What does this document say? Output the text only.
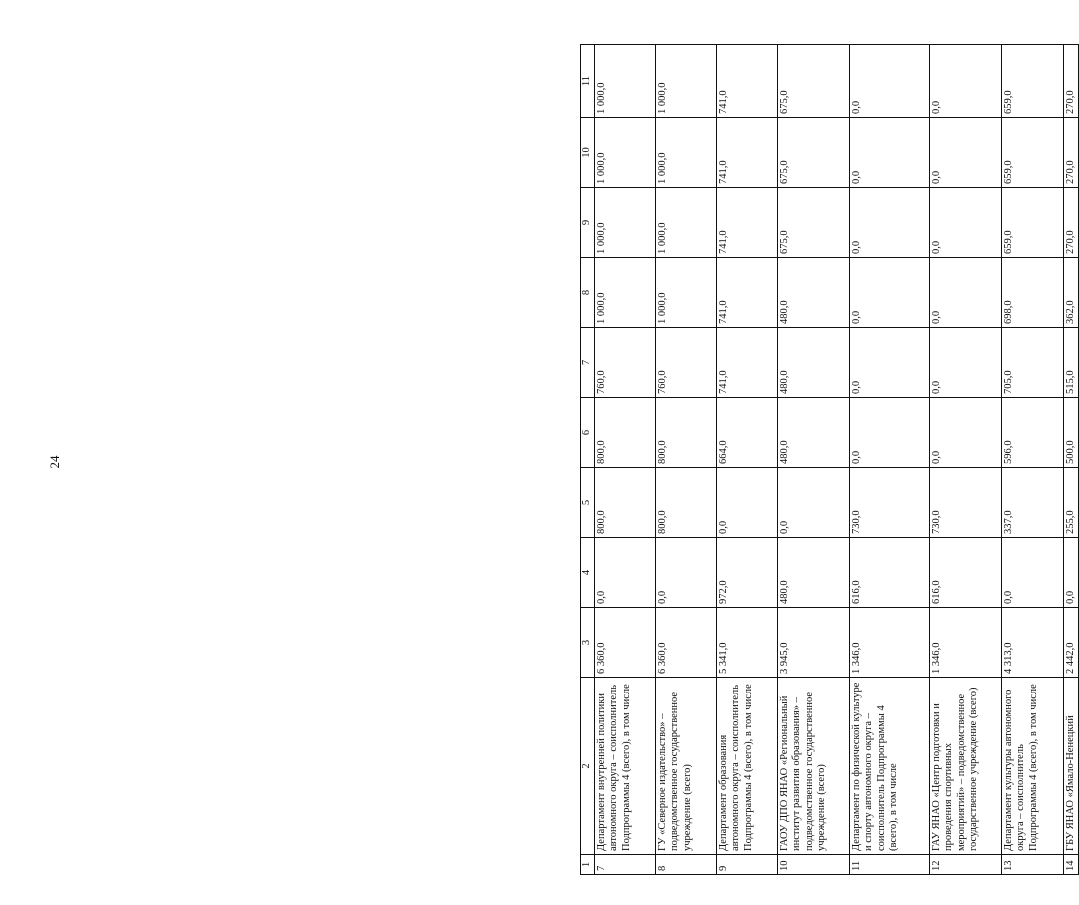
24
1	2	3	4	5	6	7	8	9	10	11
7	Департамент внутренней политики автономного округа – соисполнитель Подпрограммы 4 (всего), в том числе	6 360,0	0,0	800,0	800,0	760,0	1 000,0	1 000,0	1 000,0	1 000,0
8	ГУ «Северное издательство» – подведомственное государственное учреждение (всего)	6 360,0	0,0	800,0	800,0	760,0	1 000,0	1 000,0	1 000,0	1 000,0
9	Департамент образования автономного округа – соисполнитель Подпрограммы 4 (всего), в том числе	5 341,0	972,0	0,0	664,0	741,0	741,0	741,0	741,0	741,0
10	ГАОУ ДПО ЯНАО «Региональный институт развития образования» – подведомственное государственное учреждение (всего)	3 945,0	480,0	0,0	480,0	480,0	480,0	675,0	675,0	675,0
11	Департамент по физической культуре и спорту автономного округа – соисполнитель Подпрограммы 4 (всего), в том числе	1 346,0	616,0	730,0	0,0	0,0	0,0	0,0	0,0	0,0
12	ГАУ ЯНАО «Центр подготовки и проведения спортивных мероприятий» – подведомственное государственное учреждение (всего)	1 346,0	616,0	730,0	0,0	0,0	0,0	0,0	0,0	0,0
13	Департамент культуры автономного округа – соисполнитель Подпрограммы 4 (всего), в том числе	4 313,0	0,0	337,0	596,0	705,0	698,0	659,0	659,0	659,0
14	ГБУ ЯНАО «Ямало-Ненецкий	2 442,0	0,0	255,0	500,0	515,0	362,0	270,0	270,0	270,0
